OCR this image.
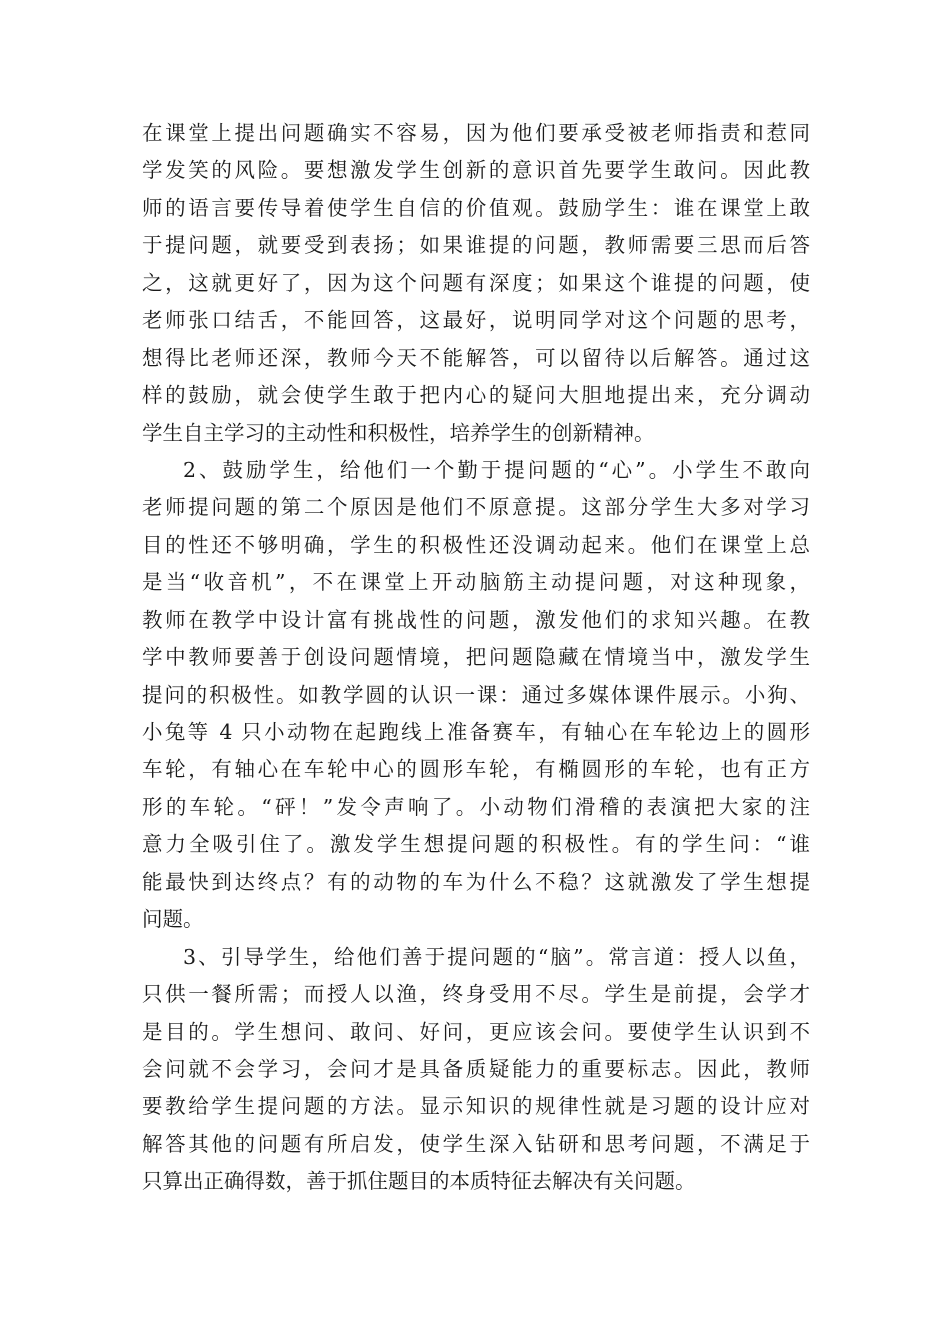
在课堂上提出问题确实不容易，因为他们要承受被老师指责和惹同
学发笑的风险。要想激发学生创新的意识首先要学生敢问。因此教
师的语言要传导着使学生自信的价值观。鼓励学生：谁在课堂上敢
于提问题，就要受到表扬；如果谁提的问题，教师需要三思而后答
之，这就更好了，因为这个问题有深度；如果这个谁提的问题，使
老师张口结舌，不能回答，这最好，说明同学对这个问题的思考，
想得比老师还深，教师今天不能解答，可以留待以后解答。通过这
样的鼓励，就会使学生敢于把内心的疑问大胆地提出来，充分调动
学生自主学习的主动性和积极性，培养学生的创新精神。
2、鼓励学生，给他们一个勤于提问题的“心”。小学生不敢向
老师提问题的第二个原因是他们不原意提。这部分学生大多对学习
目的性还不够明确，学生的积极性还没调动起来。他们在课堂上总
是当“收音机”，不在课堂上开动脑筋主动提问题，对这种现象，
教师在教学中设计富有挑战性的问题，激发他们的求知兴趣。在教
学中教师要善于创设问题情境，把问题隐藏在情境当中，激发学生
提问的积极性。如教学圆的认识一课：通过多媒体课件展示。小狗、
小兔等 4 只小动物在起跑线上准备赛车，有轴心在车轮边上的圆形
车轮，有轴心在车轮中心的圆形车轮，有椭圆形的车轮，也有正方
形的车轮。“砰！”发令声响了。小动物们滑稽的表演把大家的注
意力全吸引住了。激发学生想提问题的积极性。有的学生问：“谁
能最快到达终点？有的动物的车为什么不稳？这就激发了学生想提
问题。
3、引导学生，给他们善于提问题的“脑”。常言道：授人以鱼，
只供一餐所需；而授人以渔，终身受用不尽。学生是前提，会学才
是目的。学生想问、敢问、好问，更应该会问。要使学生认识到不
会问就不会学习，会问才是具备质疑能力的重要标志。因此，教师
要教给学生提问题的方法。显示知识的规律性就是习题的设计应对
解答其他的问题有所启发，使学生深入钻研和思考问题，不满足于
只算出正确得数，善于抓住题目的本质特征去解决有关问题。
